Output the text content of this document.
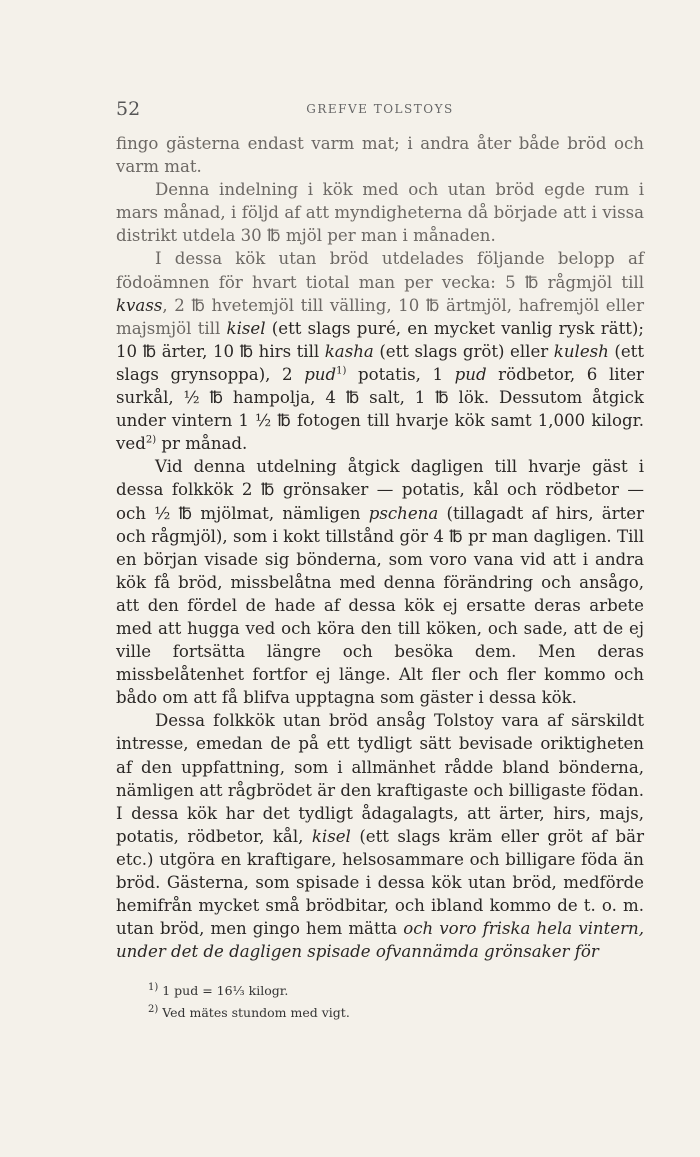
52	GREFVE TOLSTOYS

fingo gästerna endast varm mat; i andra åter både bröd och varm mat.

Denna indelning i kök med och utan bröd egde rum i mars månad, i följd af att myndigheterna då började att i vissa distrikt utdela 30 ℔ mjöl per man i månaden.

I dessa kök utan bröd utdelades följande belopp af födoämnen för hvart tiotal man per vecka: 5 ℔ rågmjöl till kvass, 2 ℔ hvetemjöl till välling, 10 ℔ ärtmjöl, hafremjöl eller majsmjöl till kisel (ett slags puré, en mycket vanlig rysk rätt); 10 ℔ ärter, 10 ℔ hirs till kasha (ett slags gröt) eller kulesh (ett slags grynsoppa), 2 pud$^{1)}$ potatis, 1 pud rödbetor, 6 liter surkål, ½ ℔ hampolja, 4 ℔ salt, 1 ℔ lök. Dessutom åtgick under vintern 1 ½ ℔ fotogen till hvarje kök samt 1,000 kilogr. ved$^{2)}$ pr månad.

Vid denna utdelning åtgick dagligen till hvarje gäst i dessa folkkök 2 ℔ grönsaker — potatis, kål och rödbetor — och ½ ℔ mjölmat, nämligen pschena (tillagadt af hirs, ärter och rågmjöl), som i kokt tillstånd gör 4 ℔ pr man dagligen. Till en början visade sig bönderna, som voro vana vid att i andra kök få bröd, missbelåtna med denna förändring och ansågo, att den fördel de hade af dessa kök ej ersatte deras arbete med att hugga ved och köra den till köken, och sade, att de ej ville fortsätta längre och besöka dem. Men deras missbelåtenhet fortfor ej länge. Alt fler och fler kommo och bådo om att få blifva upptagna som gäster i dessa kök.

Dessa folkkök utan bröd ansåg Tolstoy vara af särskildt intresse, emedan de på ett tydligt sätt bevisade oriktigheten af den uppfattning, som i allmänhet rådde bland bönderna, nämligen att rågbrödet är den kraftigaste och billigaste födan. I dessa kök har det tydligt ådagalagts, att ärter, hirs, majs, potatis, rödbetor, kål, kisel (ett slags kräm eller gröt af bär etc.) utgöra en kraftigare, helsosammare och billigare föda än bröd. Gästerna, som spisade i dessa kök utan bröd, medförde hemifrån mycket små brödbitar, och ibland kommo de t. o. m. utan bröd, men gingo hem mätta och voro friska hela vintern, under det de dagligen spisade ofvannämda grönsaker för

$^{1)}$ 1 pud = 16⅓ kilogr.
$^{2)}$ Ved mätes stundom med vigt.
